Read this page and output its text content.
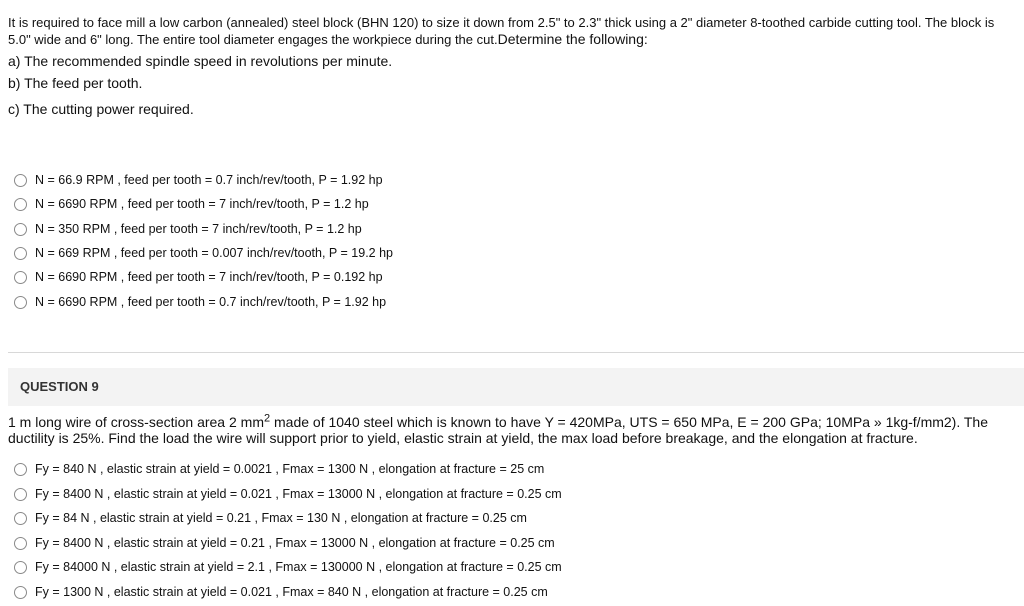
It is required to face mill a low carbon (annealed) steel block (BHN 120) to size it down from 2.5" to 2.3" thick using a 2" diameter 8-toothed carbide cutting tool. The block is 5.0" wide and 6" long. The entire tool diameter engages the workpiece during the cut.Determine the following:
a) The recommended spindle speed in revolutions per minute.
b) The feed per tooth.
c) The cutting power required.
N = 66.9 RPM , feed per tooth = 0.7 inch/rev/tooth, P = 1.92 hp
N = 6690 RPM , feed per tooth = 7 inch/rev/tooth, P = 1.2 hp
N = 350 RPM , feed per tooth = 7 inch/rev/tooth, P = 1.2 hp
N = 669 RPM , feed per tooth = 0.007 inch/rev/tooth, P = 19.2 hp
N = 6690 RPM , feed per tooth = 7 inch/rev/tooth, P = 0.192 hp
N = 6690 RPM , feed per tooth = 0.7 inch/rev/tooth, P = 1.92 hp
QUESTION 9
1 m long wire of cross-section area 2 $mm^2$ made of 1040 steel which is known to have Y = 420MPa, UTS = 650 MPa, E = 200 GPa; 10MPa » 1kg-f/mm2). The ductility is 25%. Find the load the wire will support prior to yield, elastic strain at yield, the max load before breakage, and the elongation at fracture.
Fy = 840 N , elastic strain at yield = 0.0021 , Fmax = 1300 N , elongation at fracture = 25 cm
Fy = 8400 N , elastic strain at yield = 0.021 , Fmax = 13000 N , elongation at fracture = 0.25 cm
Fy = 84 N , elastic strain at yield = 0.21 , Fmax = 130 N , elongation at fracture = 0.25 cm
Fy = 8400 N , elastic strain at yield = 0.21 , Fmax = 13000 N , elongation at fracture = 0.25 cm
Fy = 84000 N , elastic strain at yield = 2.1 , Fmax = 130000 N , elongation at fracture = 0.25 cm
Fy = 1300 N , elastic strain at yield = 0.021 , Fmax = 840 N , elongation at fracture = 0.25 cm
